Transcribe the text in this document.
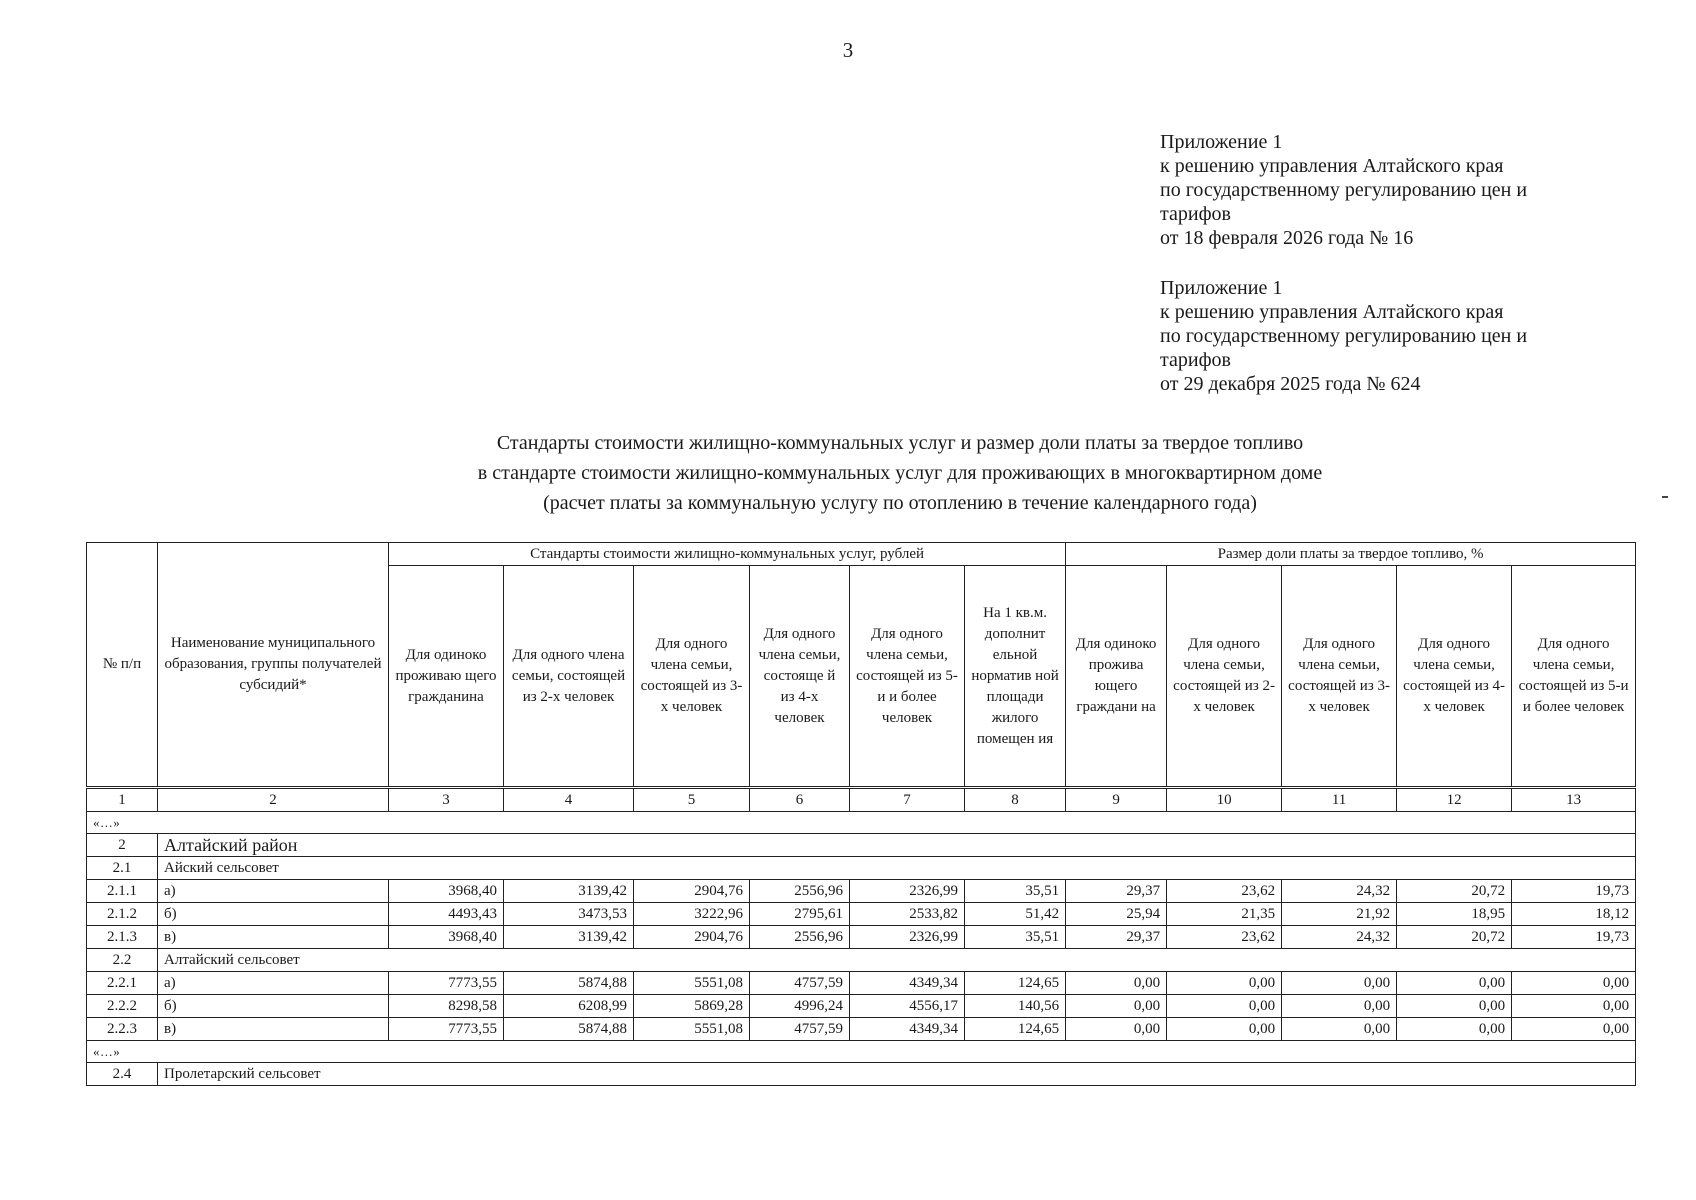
3
Приложение 1
к решению управления Алтайского края
по государственному регулированию цен и
тарифов
от 18 февраля 2026 года № 16
Приложение 1
к решению управления Алтайского края
по государственному регулированию цен и
тарифов
от 29 декабря 2025 года № 624
Стандарты стоимости жилищно-коммунальных услуг и размер доли платы за твердое топливо
в стандарте стоимости жилищно-коммунальных услуг для проживающих в многоквартирном доме
(расчет платы за коммунальную услугу по отоплению в течение календарного года)
№ п/п	Наименование муниципального образования, группы получателей субсидий*	Стандарты стоимости жилищно-коммунальных услуг, рублей						Размер доли платы за твердое топливо, %				
		Для одиноко проживаю щего гражданина	Для одного члена семьи, состоящей из 2-х человек	Для одного члена семьи, состоящей из 3-х человек	Для одного члена семьи, состояще й из 4-х человек	Для одного члена семьи, состоящей из 5-и и более человек	На 1 кв.м. дополнит ельной норматив ной площади жилого помещен ия	Для одиноко прожива ющего граждани на	Для одного члена семьи, состоящей из 2-х человек	Для одного члена семьи, состоящей из 3-х человек	Для одного члена семьи, состоящей из 4-х человек	Для одного члена семьи, состоящей из 5-и и более человек
1	2	3	4	5	6	7	8	9	10	11	12	13
«...»												
2	Алтайский район											
2.1	Айский сельсовет											
2.1.1	а)	3968,40	3139,42	2904,76	2556,96	2326,99	35,51	29,37	23,62	24,32	20,72	19,73
2.1.2	б)	4493,43	3473,53	3222,96	2795,61	2533,82	51,42	25,94	21,35	21,92	18,95	18,12
2.1.3	в)	3968,40	3139,42	2904,76	2556,96	2326,99	35,51	29,37	23,62	24,32	20,72	19,73
2.2	Алтайский сельсовет											
2.2.1	а)	7773,55	5874,88	5551,08	4757,59	4349,34	124,65	0,00	0,00	0,00	0,00	0,00
2.2.2	б)	8298,58	6208,99	5869,28	4996,24	4556,17	140,56	0,00	0,00	0,00	0,00	0,00
2.2.3	в)	7773,55	5874,88	5551,08	4757,59	4349,34	124,65	0,00	0,00	0,00	0,00	0,00
«...»												
2.4	Пролетарский сельсовет											
